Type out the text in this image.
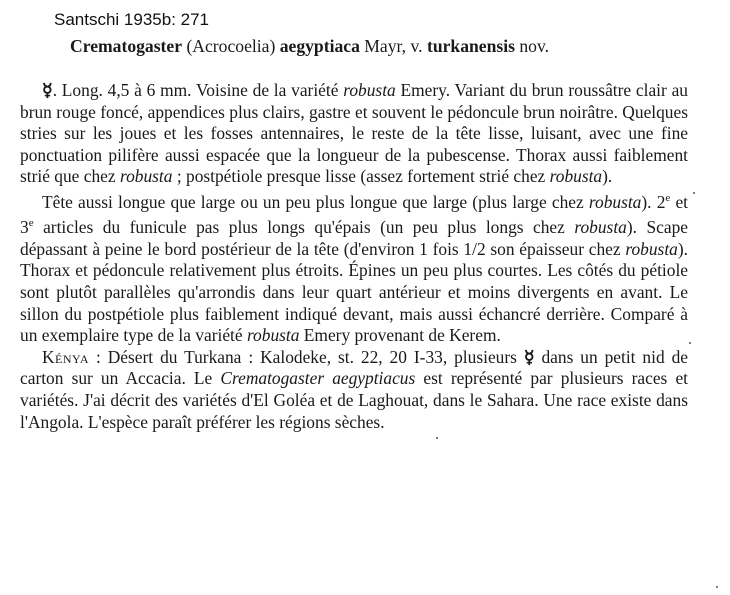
Santschi 1935b: 271
Crematogaster (Acrocoelia) aegyptiaca Mayr, v. turkanensis nov.

☿. Long. 4,5 à 6 mm. Voisine de la variété robusta Emery. Variant du brun roussâtre clair au brun rouge foncé, appendices plus clairs, gastre et souvent le pédoncule brun noirâtre. Quelques stries sur les joues et les fosses antennaires, le reste de la tête lisse, luisant, avec une fine ponctuation pilifère aussi espacée que la longueur de la pubescense. Thorax aussi faiblement strié que chez robusta ; postpétiole presque lisse (assez fortement strié chez robusta).

Tête aussi longue que large ou un peu plus longue que large (plus large chez robusta). 2e et 3e articles du funicule pas plus longs qu'épais (un peu plus longs chez robusta). Scape dépassant à peine le bord postérieur de la tête (d'environ 1 fois 1/2 son épaisseur chez robusta). Thorax et pédoncule relativement plus étroits. Épines un peu plus courtes. Les côtés du pétiole sont plutôt parallèles qu'arrondis dans leur quart antérieur et moins divergents en avant. Le sillon du postpétiole plus faiblement indiqué devant, mais aussi échancré derrière. Comparé à un exemplaire type de la variété robusta Emery provenant de Kerem.

Kénya : Désert du Turkana : Kalodeke, st. 22, 20 I-33, plusieurs ☿ dans un petit nid de carton sur un Accacia. Le Crematogaster aegyptiacus est représenté par plusieurs races et variétés. J'ai décrit des variétés d'El Goléa et de Laghouat, dans le Sahara. Une race existe dans l'Angola. L'espèce paraît préférer les régions sèches.
